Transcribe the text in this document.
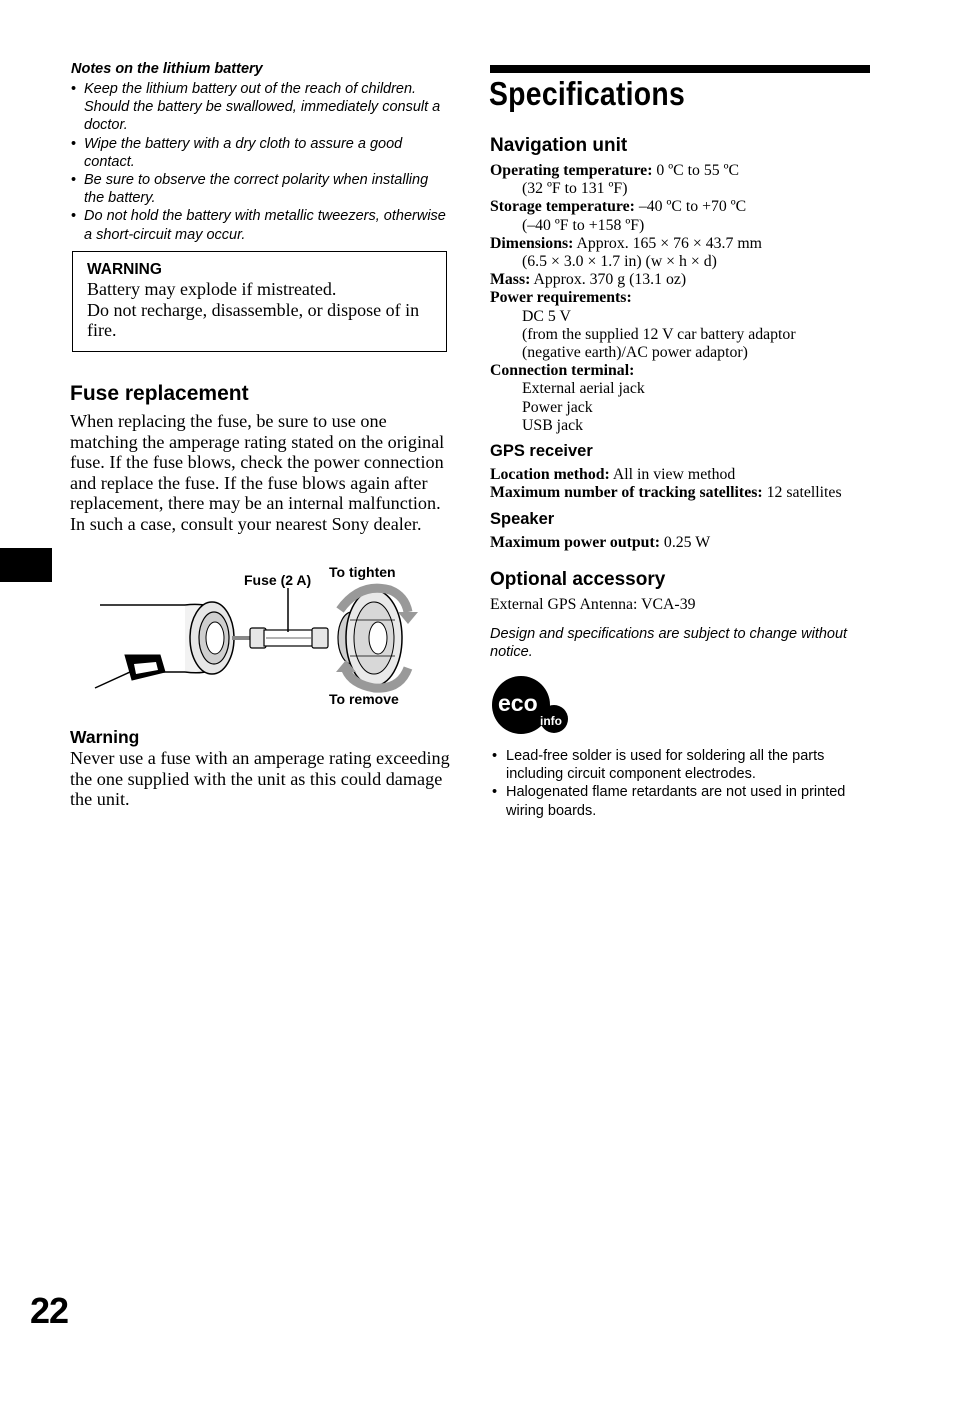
Notes on the lithium battery
• Keep the lithium battery out of the reach of children. Should the battery be swallowed, immediately consult a doctor.
• Wipe the battery with a dry cloth to assure a good contact.
• Be sure to observe the correct polarity when installing the battery.
• Do not hold the battery with metallic tweezers, otherwise a short-circuit may occur.
WARNING
Battery may explode if mistreated.
Do not recharge, disassemble, or dispose of in fire.
Fuse replacement

When replacing the fuse, be sure to use one matching the amperage rating stated on the original fuse. If the fuse blows, check the power connection and replace the fuse. If the fuse blows again after replacement, there may be an internal malfunction. In such a case, consult your nearest Sony dealer.

Fuse (2 A) To tighten
To remove
Warning

Never use a fuse with an amperage rating exceeding the one supplied with the unit as this could damage the unit.

22
Specifications
Navigation unit
Operating temperature: 0 ºC to 55 ºC
(32 ºF to 131 ºF)
Storage temperature: –40 ºC to +70 ºC
(–40 ºF to +158 ºF)
Dimensions: Approx. 165 × 76 × 43.7 mm
(6.5 × 3.0 × 1.7 in) (w × h × d)
Mass: Approx. 370 g (13.1 oz)
Power requirements:
DC 5 V
(from the supplied 12 V car battery adaptor
(negative earth)/AC power adaptor)
Connection terminal:
External aerial jack
Power jack
USB jack
GPS receiver
Location method: All in view method
Maximum number of tracking satellites: 12 satellites
Speaker
Maximum power output: 0.25 W
Optional accessory
External GPS Antenna: VCA-39
Design and specifications are subject to change without notice.
eco
info
• Lead-free solder is used for soldering all the parts including circuit component electrodes.
• Halogenated flame retardants are not used in printed wiring boards.
